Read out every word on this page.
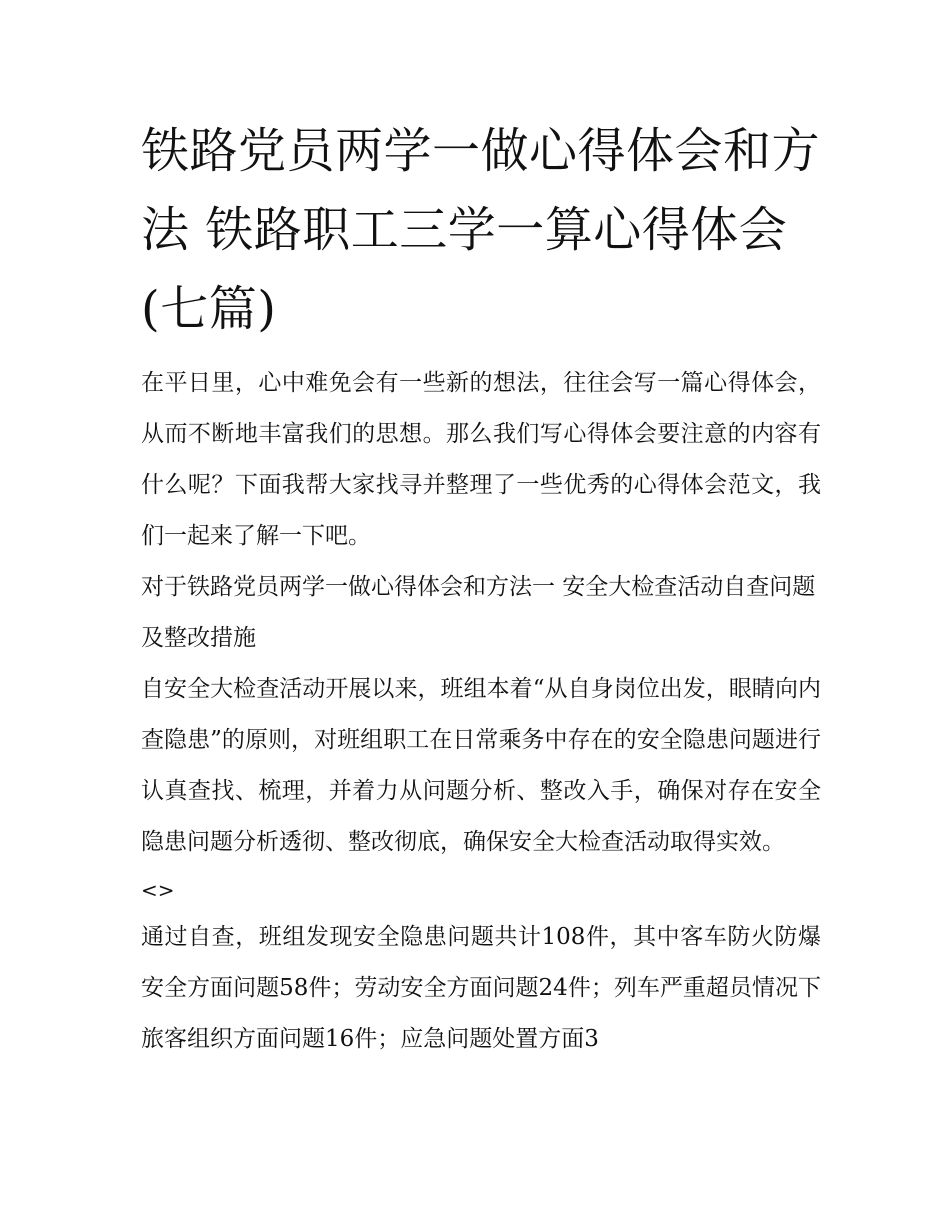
铁路党员两学一做心得体会和方法 铁路职工三学一算心得体会(七篇)

在平日里，心中难免会有一些新的想法，往往会写一篇心得体会，从而不断地丰富我们的思想。那么我们写心得体会要注意的内容有什么呢？下面我帮大家找寻并整理了一些优秀的心得体会范文，我们一起来了解一下吧。

对于铁路党员两学一做心得体会和方法一 安全大检查活动自查问题及整改措施

自安全大检查活动开展以来，班组本着“从自身岗位出发，眼睛向内查隐患”的原则，对班组职工在日常乘务中存在的安全隐患问题进行认真查找、梳理，并着力从问题分析、整改入手，确保对存在安全隐患问题分析透彻、整改彻底，确保安全大检查活动取得实效。

<>

通过自查，班组发现安全隐患问题共计108件，其中客车防火防爆安全方面问题58件；劳动安全方面问题24件；列车严重超员情况下旅客组织方面问题16件；应急问题处置方面3
